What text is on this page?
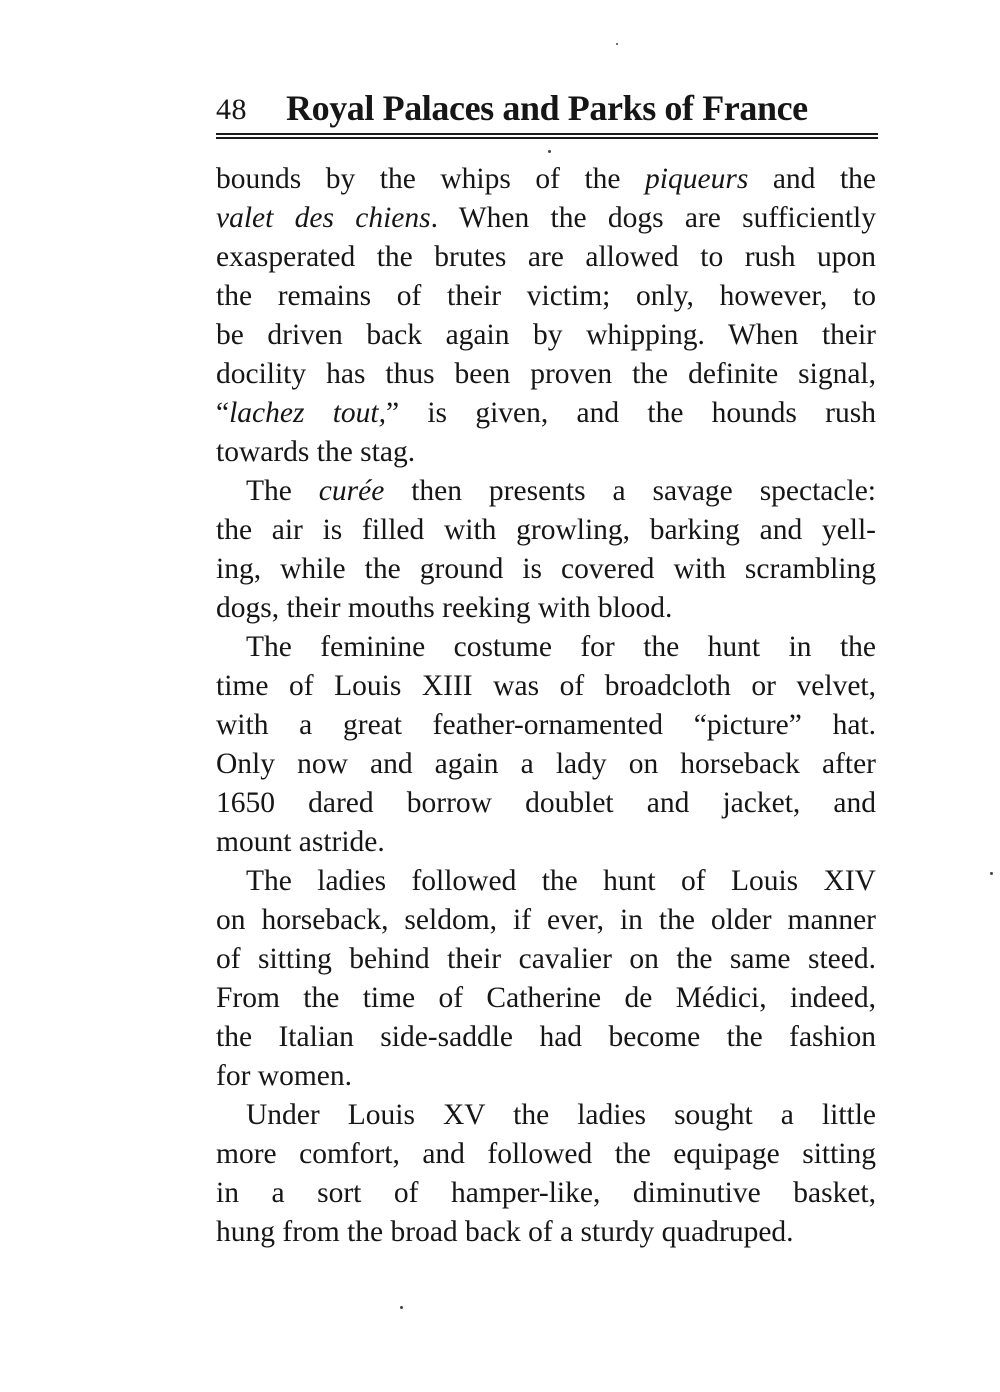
48 Royal Palaces and Parks of France
bounds by the whips of the piqueurs and the
valet des chiens. When the dogs are sufficiently
exasperated the brutes are allowed to rush upon
the remains of their victim; only, however, to
be driven back again by whipping. When their
docility has thus been proven the definite signal,
“lachez tout,” is given, and the hounds rush
towards the stag.
The curée then presents a savage spectacle:
the air is filled with growling, barking and yell-
ing, while the ground is covered with scrambling
dogs, their mouths reeking with blood.
The feminine costume for the hunt in the
time of Louis XIII was of broadcloth or velvet,
with a great feather-ornamented “picture” hat.
Only now and again a lady on horseback after
1650 dared borrow doublet and jacket, and
mount astride.
The ladies followed the hunt of Louis XIV
on horseback, seldom, if ever, in the older manner
of sitting behind their cavalier on the same steed.
From the time of Catherine de Médici, indeed,
the Italian side-saddle had become the fashion
for women.
Under Louis XV the ladies sought a little
more comfort, and followed the equipage sitting
in a sort of hamper-like, diminutive basket,
hung from the broad back of a sturdy quadruped.
